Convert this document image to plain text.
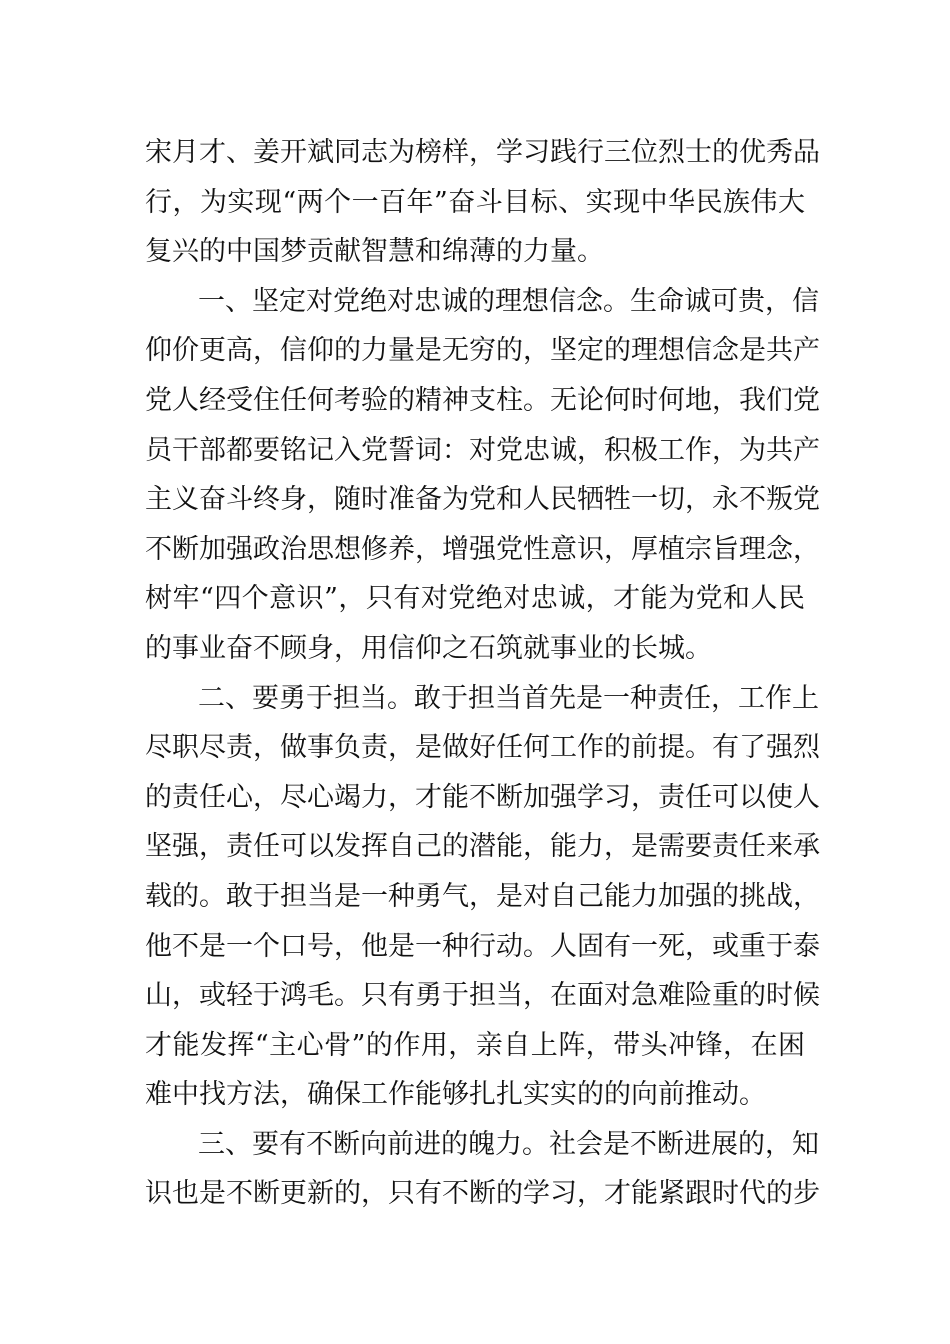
宋月才、姜开斌同志为榜样，学习践行三位烈士的优秀品
行，为实现“两个一百年”奋斗目标、实现中华民族伟大
复兴的中国梦贡献智慧和绵薄的力量。
一、坚定对党绝对忠诚的理想信念。生命诚可贵，信
仰价更高，信仰的力量是无穷的，坚定的理想信念是共产
党人经受住任何考验的精神支柱。无论何时何地，我们党
员干部都要铭记入党誓词：对党忠诚，积极工作，为共产
主义奋斗终身，随时准备为党和人民牺牲一切，永不叛党
不断加强政治思想修养，增强党性意识，厚植宗旨理念，
树牢“四个意识”，只有对党绝对忠诚，才能为党和人民
的事业奋不顾身，用信仰之石筑就事业的长城。
二、要勇于担当。敢于担当首先是一种责任，工作上
尽职尽责，做事负责，是做好任何工作的前提。有了强烈
的责任心，尽心竭力，才能不断加强学习，责任可以使人
坚强，责任可以发挥自己的潜能，能力，是需要责任来承
载的。敢于担当是一种勇气，是对自己能力加强的挑战，
他不是一个口号，他是一种行动。人固有一死，或重于泰
山，或轻于鸿毛。只有勇于担当，在面对急难险重的时候
才能发挥“主心骨”的作用，亲自上阵，带头冲锋，在困
难中找方法，确保工作能够扎扎实实的的向前推动。
三、要有不断向前进的魄力。社会是不断进展的，知
识也是不断更新的，只有不断的学习，才能紧跟时代的步
